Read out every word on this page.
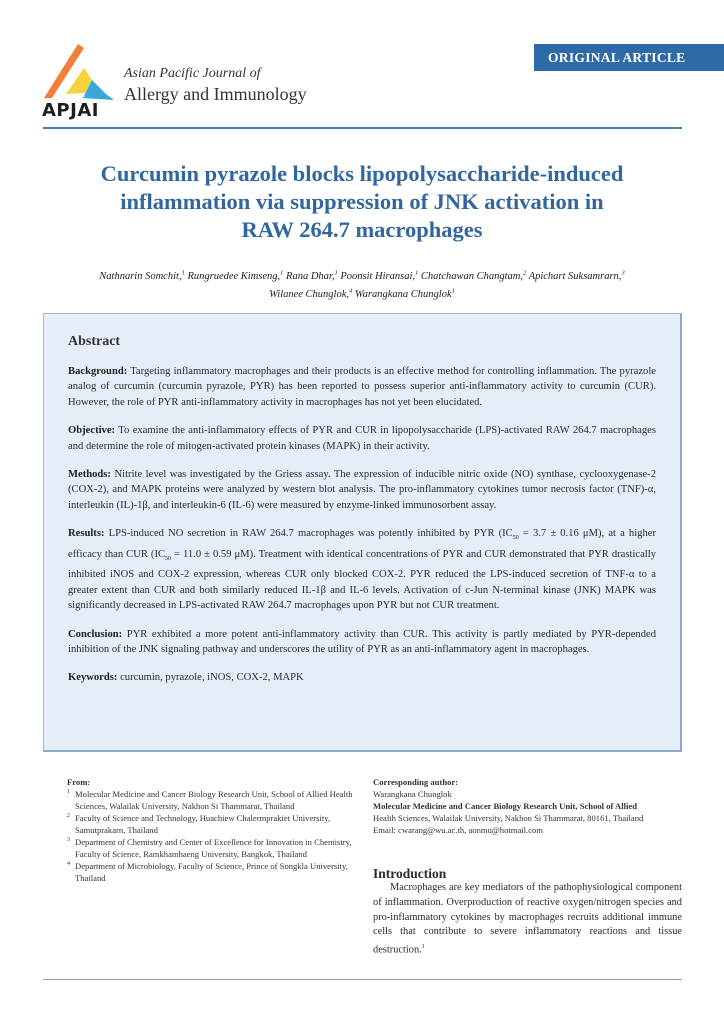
APJAI
Asian Pacific Journal of
Allergy and Immunology
ORIGINAL ARTICLE
Curcumin pyrazole blocks lipopolysaccharide-induced
inflammation via suppression of JNK activation in
RAW 264.7 macrophages
Nathnarin Somchit,$^1$ Rungruedee Kimseng,$^1$ Rana Dhar,$^1$ Poonsit Hiransai,$^1$ Chatchawan Changtam,$^2$ Apichart Suksamrarn,$^3$
Wilanee Chunglok,$^4$ Warangkana Chunglok$^1$
Abstract

Background: Targeting inflammatory macrophages and their products is an effective method for controlling inflammation. The pyrazole analog of curcumin (curcumin pyrazole, PYR) has been reported to possess superior anti-inflammatory activity to curcumin (CUR). However, the role of PYR anti-inflammatory activity in macrophages has not yet been elucidated.

Objective: To examine the anti-inflammatory effects of PYR and CUR in lipopolysaccharide (LPS)-activated RAW 264.7 macrophages and determine the role of mitogen-activated protein kinases (MAPK) in their activity.

Methods: Nitrite level was investigated by the Griess assay. The expression of inducible nitric oxide (NO) synthase, cyclooxygenase-2 (COX-2), and MAPK proteins were analyzed by western blot analysis. The pro-inflammatory cytokines tumor necrosis factor (TNF)-α, interleukin (IL)-1β, and interleukin-6 (IL-6) were measured by enzyme-linked immunosorbent assay.

Results: LPS-induced NO secretion in RAW 264.7 macrophages was potently inhibited by PYR ($IC_{50} = 3.7 \pm 0.16$ μM), at a higher efficacy than CUR ($IC_{50} = 11.0 \pm 0.59$ μM). Treatment with identical concentrations of PYR and CUR demonstrated that PYR drastically inhibited iNOS and COX-2 expression, whereas CUR only blocked COX-2. PYR reduced the LPS-induced secretion of TNF-α to a greater extent than CUR and both similarly reduced IL-1β and IL-6 levels. Activation of c-Jun N-terminal kinase (JNK) MAPK was significantly decreased in LPS-activated RAW 264.7 macrophages upon PYR but not CUR treatment.

Conclusion: PYR exhibited a more potent anti-inflammatory activity than CUR. This activity is partly mediated by PYR-depended inhibition of the JNK signaling pathway and underscores the utility of PYR as an anti-inflammatory agent in macrophages.

Keywords: curcumin, pyrazole, iNOS, COX-2, MAPK

From:
1 Molecular Medicine and Cancer Biology Research Unit, School of Allied Health Sciences, Walailak University, Nakhon Si Thammarat, Thailand
2 Faculty of Science and Technology, Huachiew Chalermprakiet University, Samutprakarn, Thailand
3 Department of Chemistry and Center of Excellence for Innovation in Chemistry, Faculty of Science, Ramkhamhaeng University, Bangkok, Thailand
4 Department of Microbiology, Faculty of Science, Prince of Songkla University, Thailand
Corresponding author:
Warangkana Chunglok
Molecular Medicine and Cancer Biology Research Unit, School of Allied
Health Sciences, Walailak University, Nakhon Si Thammarat, 80161, Thailand
Email: cwarang@wu.ac.th, aonmu@hotmail.com
Introduction
Macrophages are key mediators of the pathophysiological component of inflammation. Overproduction of reactive oxygen/nitrogen species and pro-inflammatory cytokines by macrophages recruits additional immune cells that contribute to severe inflammatory reactions and tissue destruction.$^1$
